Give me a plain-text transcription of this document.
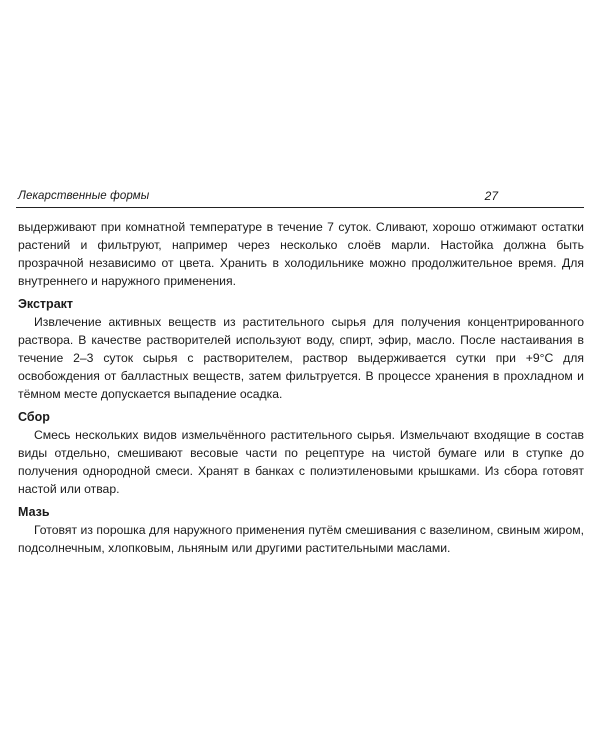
Лекарственные формы	27

выдерживают при комнатной температуре в течение 7 суток. Сливают, хорошо отжимают остатки растений и фильтруют, например через несколько слоёв марли. Настойка должна быть прозрачной независимо от цвета. Хранить в холодильнике можно продолжительное время. Для внутреннего и наружного применения.

Экстракт

Извлечение активных веществ из растительного сырья для получения концентрированного раствора. В качестве растворителей используют воду, спирт, эфир, масло. После настаивания в течение 2–3 суток сырья с растворителем, раствор выдерживается сутки при +9°С для освобождения от балластных веществ, затем фильтруется. В процессе хранения в прохладном и тёмном месте допускается выпадение осадка.

Сбор

Смесь нескольких видов измельчённого растительного сырья. Измельчают входящие в состав виды отдельно, смешивают весовые части по рецептуре на чистой бумаге или в ступке до получения однородной смеси. Хранят в банках с полиэтиленовыми крышками. Из сбора готовят настой или отвар.

Мазь

Готовят из порошка для наружного применения путём смешивания с вазелином, свиным жиром, подсолнечным, хлопковым, льняным или другими растительными маслами.
